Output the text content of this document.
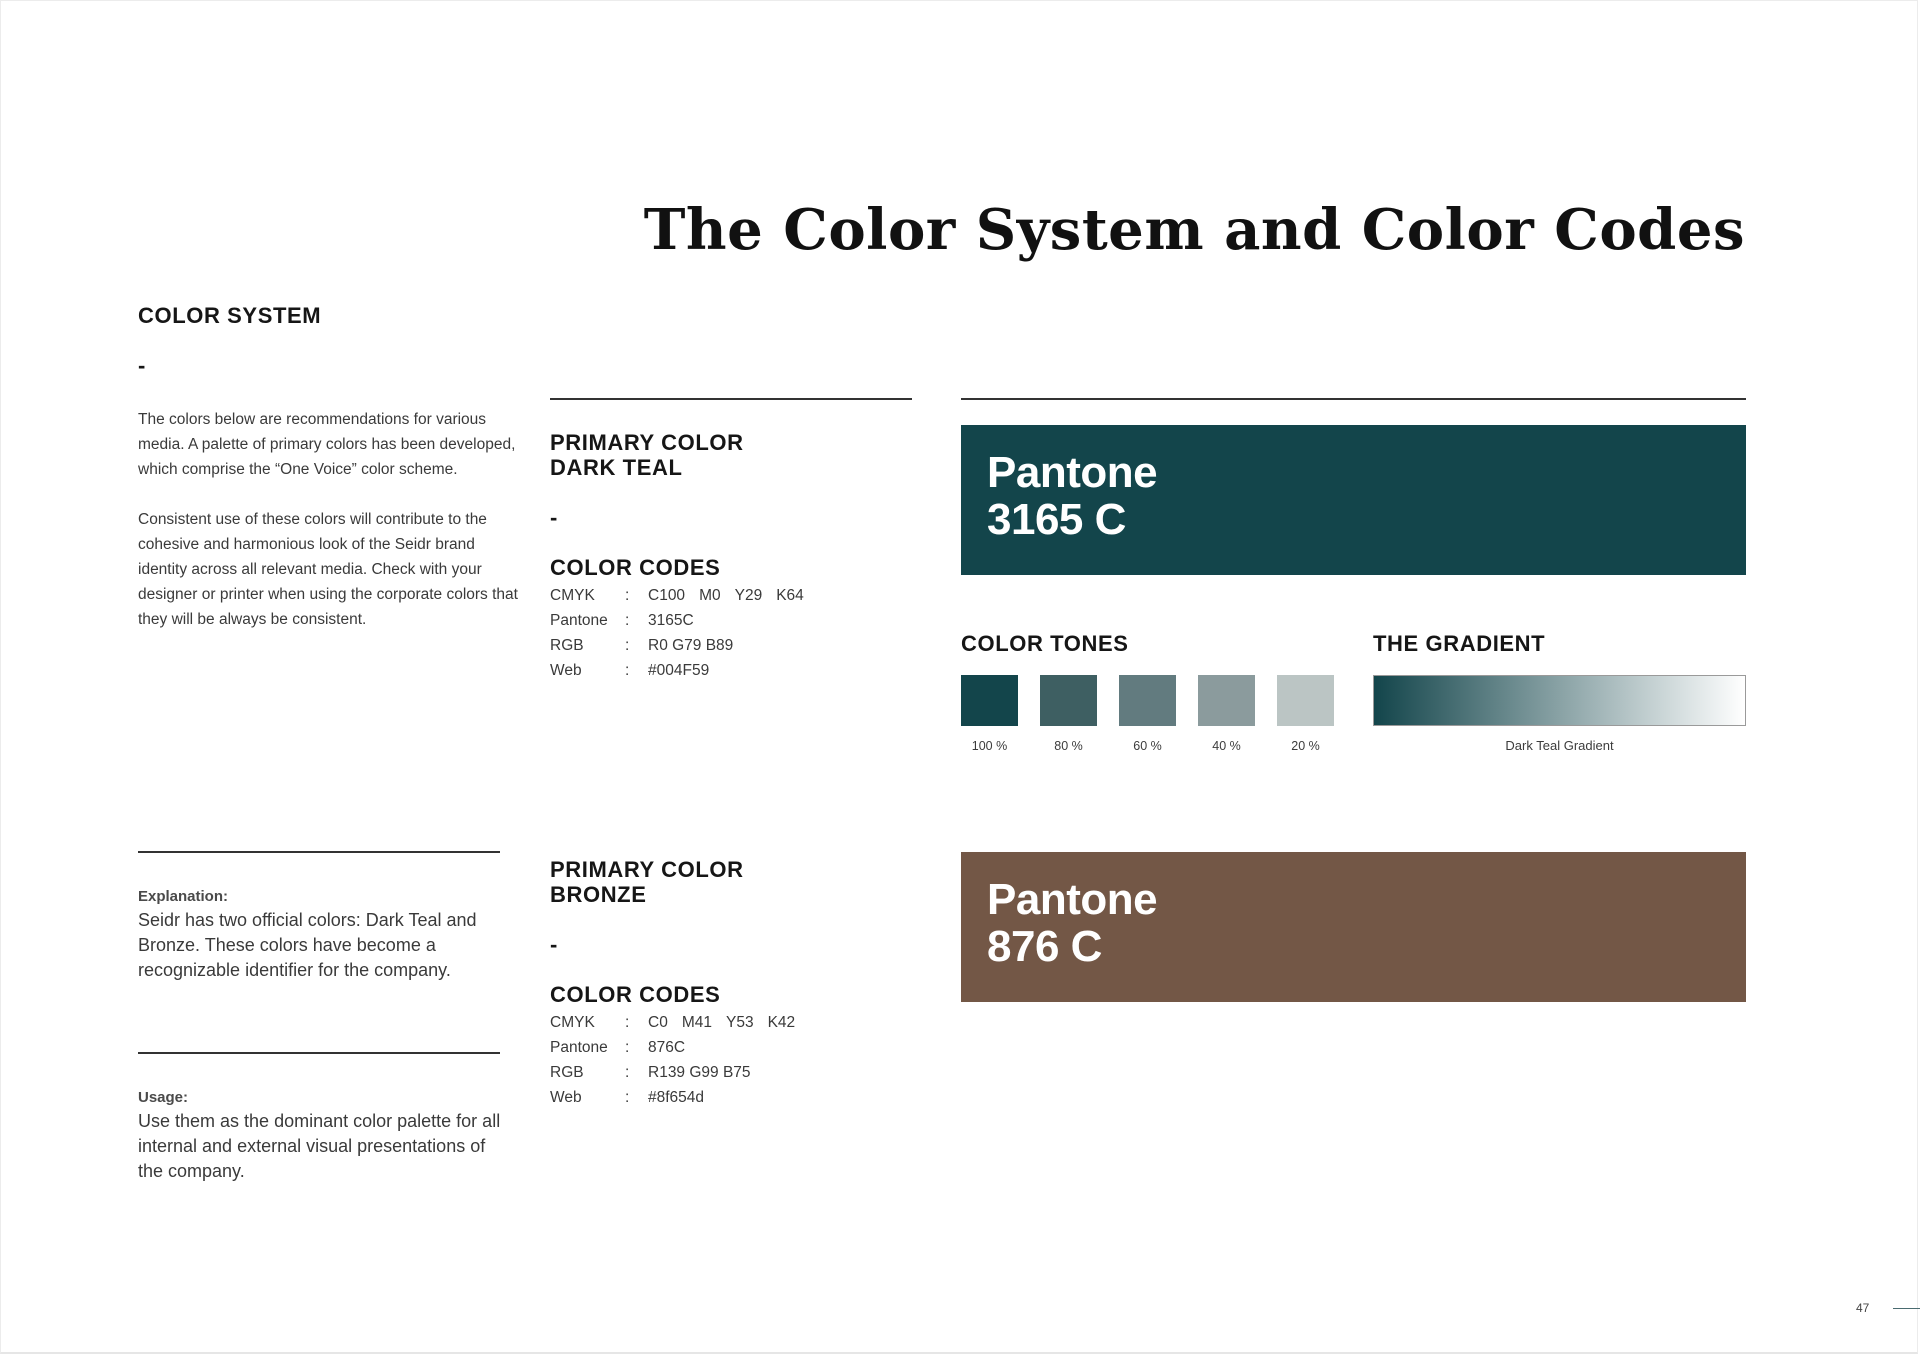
The Color System and Color Codes
COLOR SYSTEM
-

The colors below are recommendations for various media. A palette of primary colors has been developed, which comprise the “One Voice” color scheme.

Consistent use of these colors will contribute to the cohesive and harmonious look of the Seidr brand identity across all relevant media. Check with your designer or printer when using the corporate colors that they will be always be consistent.

Explanation:
Seidr has two official colors: Dark Teal and Bronze. These colors have become a recognizable identifier for the company.
Usage:
Use them as the dominant color palette for all internal and external visual presentations of the company.
PRIMARY COLOR
DARK TEAL
-
COLOR CODES
CMYK	:	C100 M0 Y29 K64
Pantone	:	3165C
RGB	:	R0 G79 B89
Web	:	#004F59
PRIMARY COLOR
BRONZE
-
COLOR CODES
CMYK	:	C0 M41 Y53 K42
Pantone	:	876C
RGB	:	R139 G99 B75
Web	:	#8f654d
Pantone
3165 C
COLOR TONES
100 %	80 %	60 %	40 %	20 %
THE GRADIENT
Dark Teal Gradient
Pantone
876 C
47
